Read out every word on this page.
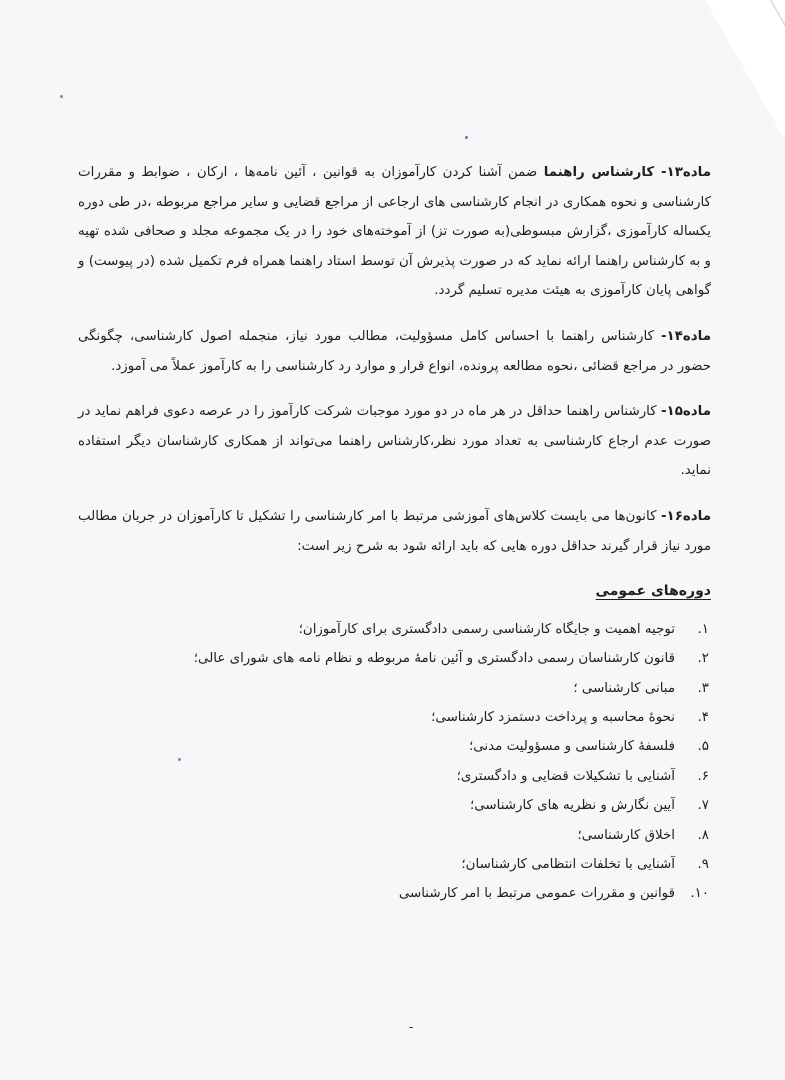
ماده۱۳- کارشناس راهنما ضمن آشنا کردن کارآموزان به قوانین ، آئین نامه‌ها ، ارکان ، ضوابط و مقررات کارشناسی و نحوه همکاری در انجام کارشناسی های ارجاعی از مراجع قضایی و سایر مراجع مربوطه ،در طی دوره یکساله کارآموزی ،گزارش مبسوطی(به صورت تز) از آموخته‌های خود را در یک مجموعه مجلد و صحافی شده تهیه و به کارشناس راهنما ارائه نماید که در صورت پذیرش آن توسط استاد راهنما همراه فرم تکمیل شده (در پیوست) و گواهی پایان کارآموزی به هیئت مدیره تسلیم گردد.

ماده۱۴- کارشناس راهنما با احساس کامل مسؤولیت، مطالب مورد نیاز، منجمله اصول کارشناسی، چگونگی حضور در مراجع قضائی ،نحوه مطالعه پرونده، انواع قرار و موارد رد کارشناسی را به کارآموز عملاً می آموزد.

ماده۱۵- کارشناس راهنما حداقل در هر ماه در دو مورد موجبات شرکت کارآموز را در عرصه دعوی فراهم نماید در صورت عدم ارجاع کارشناسی به تعداد مورد نظر،کارشناس راهنما می‌تواند از همکاری کارشناسان دیگر استفاده نماید.

ماده۱۶- کانون‌ها می بایست کلاس‌های آموزشی مرتبط با امر کارشناسی را تشکیل تا کارآموزان در جریان مطالب مورد نیاز قرار گیرند حداقل دوره هایی که باید ارائه شود به شرح زیر است:

دوره‌های عمومی
۱.
توجیه اهمیت و جایگاه کارشناسی رسمی دادگستری برای کارآموزان؛
۲.
قانون کارشناسان رسمی دادگستری و آئین نامهٔ مربوطه و نظام نامه های شورای عالی؛
۳.
مبانی کارشناسی ؛
۴.
نحوهٔ محاسبه و پرداخت دستمزد کارشناسی؛
۵.
فلسفهٔ کارشناسی و مسؤولیت مدنی؛
۶.
آشنایی با تشکیلات قضایی و دادگستری؛
۷.
آیین نگارش و نظریه های کارشناسی؛
۸.
اخلاق کارشناسی؛
۹.
آشنایی با تخلفات انتظامی کارشناسان؛
۱۰.
قوانین و مقررات عمومی مرتبط با امر کارشناسی
-
